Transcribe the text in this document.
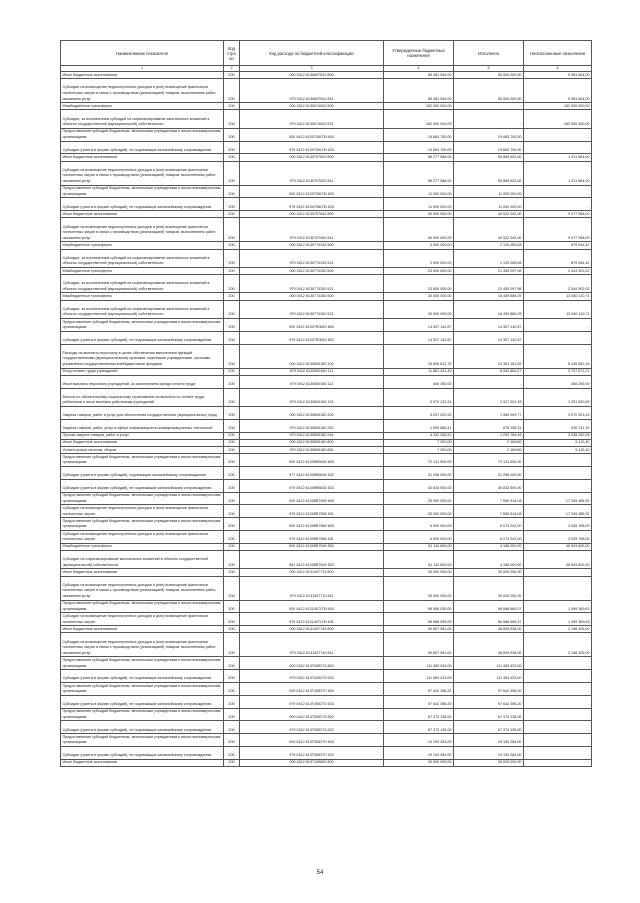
Наименование показателя	Код стро ки	Код расхода по бюджетной классификации	Утвержденные бюджетные назначения	Исполнено	Неисполненные назначения
1	2	3	4	5	6
Иные бюджетные ассигнования	200	000 0412 6130607810 800	65 481 064,00	55 500 000,00	9 981 064,00
Субсидии на возмещение недополученных доходов и (или) возмещение фактически понесенных затрат в связи с производством (реализацией) товаров, выполнением работ, оказанием услуг	200	970 0412 6130607810 811	65 481 064,00	55 500 000,00	9 981 064,00
Межбюджетные трансферты	200	000 0412 6130674620 500	182 000 000,00	-	182 000 000,00
Субсидии, за исключением субсидий на софинансирование капитальных вложений в объекты государственной (муниципальной) собственности	200	979 0412 6130674620 521	182 000 000,00	-	182 000 000,00
Предоставление субсидий бюджетным, автономным учреждениям и иным некоммерческим организациям	200	000 0412 61307061П0 600	19 663 700,00	19 663 700,00	-
Субсидии (гранты в форме субсидий), не подлежащие казначейскому сопровождению	200	979 0412 61307061П0 633	19 663 700,00	19 663 700,00	-
Иные бюджетные ассигнования	200	000 0412 6130707820 800	58 277 586,00	56 865 622,00	1 411 964,00
Субсидии на возмещение недополученных доходов и (или) возмещение фактически понесенных затрат в связи с производством (реализацией) товаров, выполнением работ, оказанием услуг	200	979 0412 6130707820 811	58 277 586,00	56 865 622,00	1 411 964,00
Предоставление субсидий бюджетным, автономным учреждениям и иным некоммерческим организациям	200	000 0412 61307081П0 600	11 000 000,00	11 000 000,00	-
Субсидии (гранты в форме субсидий), не подлежащие казначейскому сопровождению	200	979 0412 61307081П0 633	11 000 000,00	11 000 000,00	-
Иные бюджетные ассигнования	200	000 0412 6130707840 800	50 000 000,00	40 522 042,00	9 477 958,00
Субсидии на возмещение недополученных доходов и (или) возмещение фактически понесенных затрат в связи с производством (реализацией) товаров, выполнением работ, оказанием услуг	200	979 0412 6130707840 811	50 000 000,00	40 522 042,00	9 477 958,00
Межбюджетные трансферты	200	000 0412 6130774240 500	3 000 000,00	2 120 055,58	879 944,42
Субсидии, за исключением субсидий на софинансирование капитальных вложений в объекты государственной (муниципальной) собственности	200	979 0412 6130774240 521	3 000 000,00	2 120 055,58	879 944,42
Межбюджетные трансферты	200	000 0412 6130774250 500	23 800 000,00	21 455 097,98	2 344 902,02
Субсидии, за исключением субсидий на софинансирование капитальных вложений в объекты государственной (муниципальной) собственности	200	979 0412 6130774250 521	23 800 000,00	21 455 097,98	2 344 902,02
Межбюджетные трансферты	200	000 0412 6130774260 500	30 000 000,00	16 459 889,29	13 540 110,71
Субсидии, за исключением субсидий на софинансирование капитальных вложений в объекты государственной (муниципальной) собственности	200	979 0412 6130774260 521	30 000 000,00	16 459 889,29	13 540 110,71
Предоставление субсидий бюджетным, автономным учреждениям и иным некоммерческим организациям	200	000 0412 61307R0810 600	14 307 142,87	14 307 142,87	-
Субсидии (гранты в форме субсидий), не подлежащие казначейскому сопровождению	200	979 0412 61307R0810 633	14 307 142,87	14 307 142,87	-
Расходы на выплаты персоналу в целях обеспечения выполнения функций государственными (муниципальными) органами, казенными учреждениями, органами управления государственными внебюджетными фондами	200	000 0412 6130800180 100	15 806 813,79	10 361 161,63	5 445 652,16
Фонд оплаты труда учреждений	200	979 0412 6130800180 111	11 861 431,49	8 063 860,27	3 797 571,21
Иные выплаты персоналу учреждений, за исключением фонда оплаты труда	200	979 0412 6130800180 112	406 250,00	-	406 250,00
Взносы по обязательному социальному страхованию на выплаты по оплате труда работников и иные выплаты работникам учреждений	200	979 0412 6130800180 119	3 579 132,31	2 327 301,36	1 251 830,95
Закупка товаров, работ и услуг для обеспечения государственных (муниципальных) нужд	200	000 0412 6130800180 200	5 037 022,92	1 969 099,77	3 070 923,15
Закупка товаров, работ, услуг в сфере информационно-коммуникационных технологий	200	979 0412 6130800180 242	1 605 886,41	675 155,31	930 731,10
Прочая закупка товаров, работ и услуг	200	979 0412 6130800180 244	4 332 036,51	1 293 784,46	3 038 252,05
Иные бюджетные ассигнования	200	000 0412 6130800180 800	7 300,00	2 189,60	5 110,40
Уплата прочих налогов, сборов	200	979 0412 6130800180 852	7 300,00	2 189,60	5 110,40
Предоставление субсидий бюджетным, автономным учреждениям и иным некоммерческим организациям	200	000 0412 61308R8540 600	72 131 500,00	72 131 500,00	-
Субсидии (гранты в форме субсидий), подлежащие казначейскому сопровождению	200	977 0412 61308R8540 632	31 298 000,00	31 298 000,00	-
Субсидии (гранты в форме субсидий), не подлежащие казначейскому сопровождению	200	979 0412 61308R8540 633	40 833 500,00	40 833 500,00	-
Предоставление субсидий бюджетным, автономным учреждениям и иным некоммерческим организациям	200	000 0412 61308R7850 600	25 000 000,00	7 690 514,08	17 309 485,92
Субсидии на возмещение недополученных доходов и (или) возмещение фактически понесенных затрат	200	979 0412 61308R7850 631	25 000 000,00	7 690 514,08	17 309 485,92
Предоставление субсидий бюджетным, автономным учреждениям и иным некоммерческим организациям	200	000 0412 61308R7860 600	6 000 000,00	6 074 242,00	3 925 758,00
Субсидии на возмещение недополученных доходов и (или) возмещение фактически понесенных затрат	200	979 0412 61308R7860 631	6 000 000,00	6 074 242,00	3 925 758,00
Межбюджетные трансферты	200	000 0412 61308R7640 500	51 110 600,00	4 186 000,00	46 924 600,00
Субсидии на софинансирование капитальных вложений в объекты государственной (муниципальной) собственности	200	981 0412 61308R7640 522	51 110 600,00	4 186 000,00	46 924 600,00
Иные бюджетные ассигнования	200	000 0412 6131407710 800	30 000 000,00	30 000 000,00	-
Субсидии на возмещение недополученных доходов и (или) возмещение фактически понесенных затрат в связи с производством (реализацией) товаров, выполнением работ, оказанием услуг	200	979 0412 6131407710 811	30 000 000,00	30 000 000,00	-
Предоставление субсидий бюджетным, автономным учреждениям и иным некоммерческим организациям	200	000 0412 61314071П0 600	98 088 039,00	96 588 669,37	1 499 369,63
Субсидии на возмещение недополученных доходов и (или) возмещение фактически понесенных затрат	200	979 0412 61314071П0 631	98 088 039,00	96 588 669,37	1 499 369,63
Иные бюджетные ассигнования	200	000 0412 6131407740 800	50 807 961,00	48 609 536,00	2 198 425,00
Субсидии на возмещение недополученных доходов и (или) возмещение фактически понесенных затрат в связи с производством (реализацией) товаров, выполнением работ, оказанием услуг	200	979 0412 6131407740 811	50 807 961,00	48 609 536,00	2 198 425,00
Предоставление субсидий бюджетным, автономным учреждениям и иным некоммерческим организациям	200	000 0412 613Т455270 600	111 463 433,00	111 463 433,00	-
Субсидии (гранты в форме субсидий), не подлежащие казначейскому сопровождению	200	979 0412 613Т455270 633	111 463 433,00	111 463 433,00	-
Предоставление субсидий бюджетным, автономным учреждениям и иным некоммерческим организациям	200	000 0412 613Т4552Т0 600	97 642 398,20	97 642 398,20	-
Субсидии (гранты в форме субсидий), не подлежащие казначейскому сопровождению	200	979 0412 613Т4552Т0 633	97 642 398,20	97 642 398,20	-
Предоставление субсидий бюджетным, автономным учреждениям и иным некоммерческим организациям	200	000 0412 613Т555270 600	67 373 135,00	67 373 135,00	-
Субсидии (гранты в форме субсидий), не подлежащие казначейскому сопровождению	200	979 0412 613Т555270 633	67 373 135,00	67 373 135,00	-
Предоставление субсидий бюджетным, автономным учреждениям и иным некоммерческим организациям	200	000 0412 613Т5552Т0 600	19 193 284,00	19 193 284,00	-
Субсидии (гранты в форме субсидий), не подлежащие казначейскому сопровождению	200	979 0412 613Т5552Т0 633	19 193 284,00	19 193 284,00	-
Иные бюджетные ассигнования	200	000 0412 6137109800 800	30 000 000,00	30 000 000,00	-
54
